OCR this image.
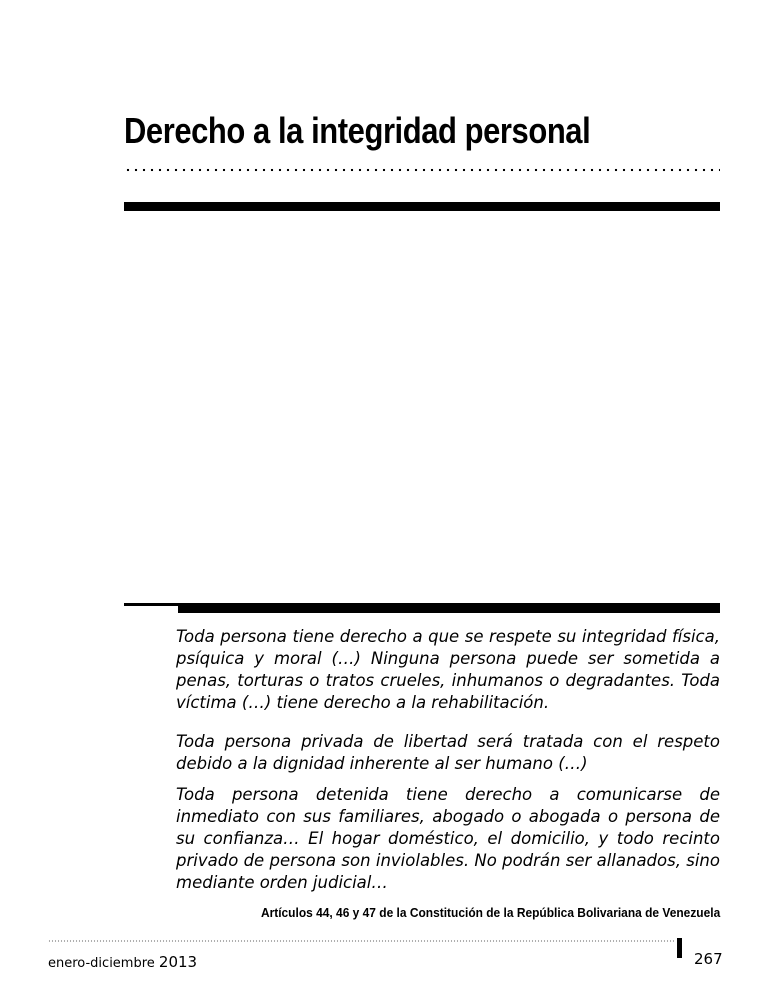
Derecho a la integridad personal

Toda persona tiene derecho a que se respete su integridad física, psíquica y moral (…) Ninguna persona puede ser sometida a penas, torturas o tratos crueles, inhumanos o degradantes. Toda víctima (…) tiene derecho a la rehabilitación.

Toda persona privada de libertad será tratada con el respeto debido a la dignidad inherente al ser humano (…)

Toda persona detenida tiene derecho a comunicarse de inmediato con sus familiares, abogado o abogada o persona de su confianza… El hogar doméstico, el domicilio, y todo recinto privado de persona son inviolables. No podrán ser allanados, sino mediante orden judicial…

Artículos 44, 46 y 47 de la Constitución de la República Bolivariana de Venezuela
enero-diciembre 2013	267
